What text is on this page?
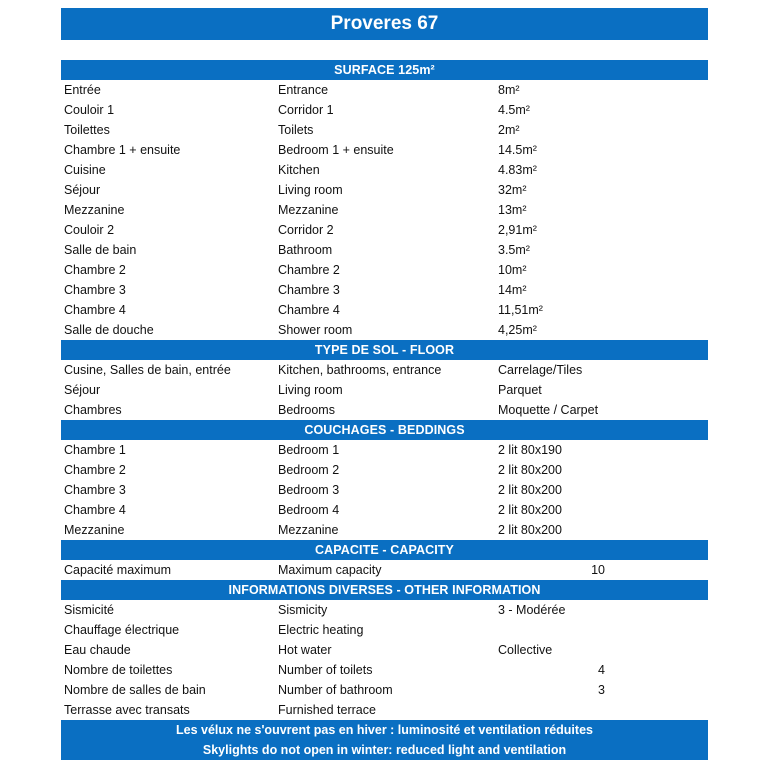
Proveres 67
SURFACE 125m²
Entrée	Entrance	8m²
Couloir 1	Corridor 1	4.5m²
Toilettes	Toilets	2m²
Chambre 1 + ensuite	Bedroom 1 + ensuite	14.5m²
Cuisine	Kitchen	4.83m²
Séjour	Living room	32m²
Mezzanine	Mezzanine	13m²
Couloir 2	Corridor 2	2,91m²
Salle de bain	Bathroom	3.5m²
Chambre 2	Chambre 2	10m²
Chambre 3	Chambre 3	14m²
Chambre 4	Chambre 4	11,51m²
Salle de douche	Shower room	4,25m²
TYPE DE SOL - FLOOR
Cusine, Salles de bain, entrée	Kitchen, bathrooms, entrance	Carrelage/Tiles
Séjour	Living room	Parquet
Chambres	Bedrooms	Moquette / Carpet
COUCHAGES - BEDDINGS
Chambre 1	Bedroom 1	2 lit 80x190
Chambre 2	Bedroom 2	2 lit 80x200
Chambre 3	Bedroom 3	2 lit 80x200
Chambre 4	Bedroom 4	2 lit 80x200
Mezzanine	Mezzanine	2 lit 80x200
CAPACITE - CAPACITY
Capacité maximum	Maximum capacity	10
INFORMATIONS DIVERSES - OTHER INFORMATION
Sismicité	Sismicity	3 - Modérée
Chauffage électrique	Electric heating
Eau chaude	Hot water	Collective
Nombre de toilettes	Number of toilets	4
Nombre de salles de bain	Number of bathroom	3
Terrasse avec transats	Furnished terrace
Les vélux ne s'ouvrent pas en hiver : luminosité et ventilation réduites
Skylights do not open in winter: reduced light and ventilation
